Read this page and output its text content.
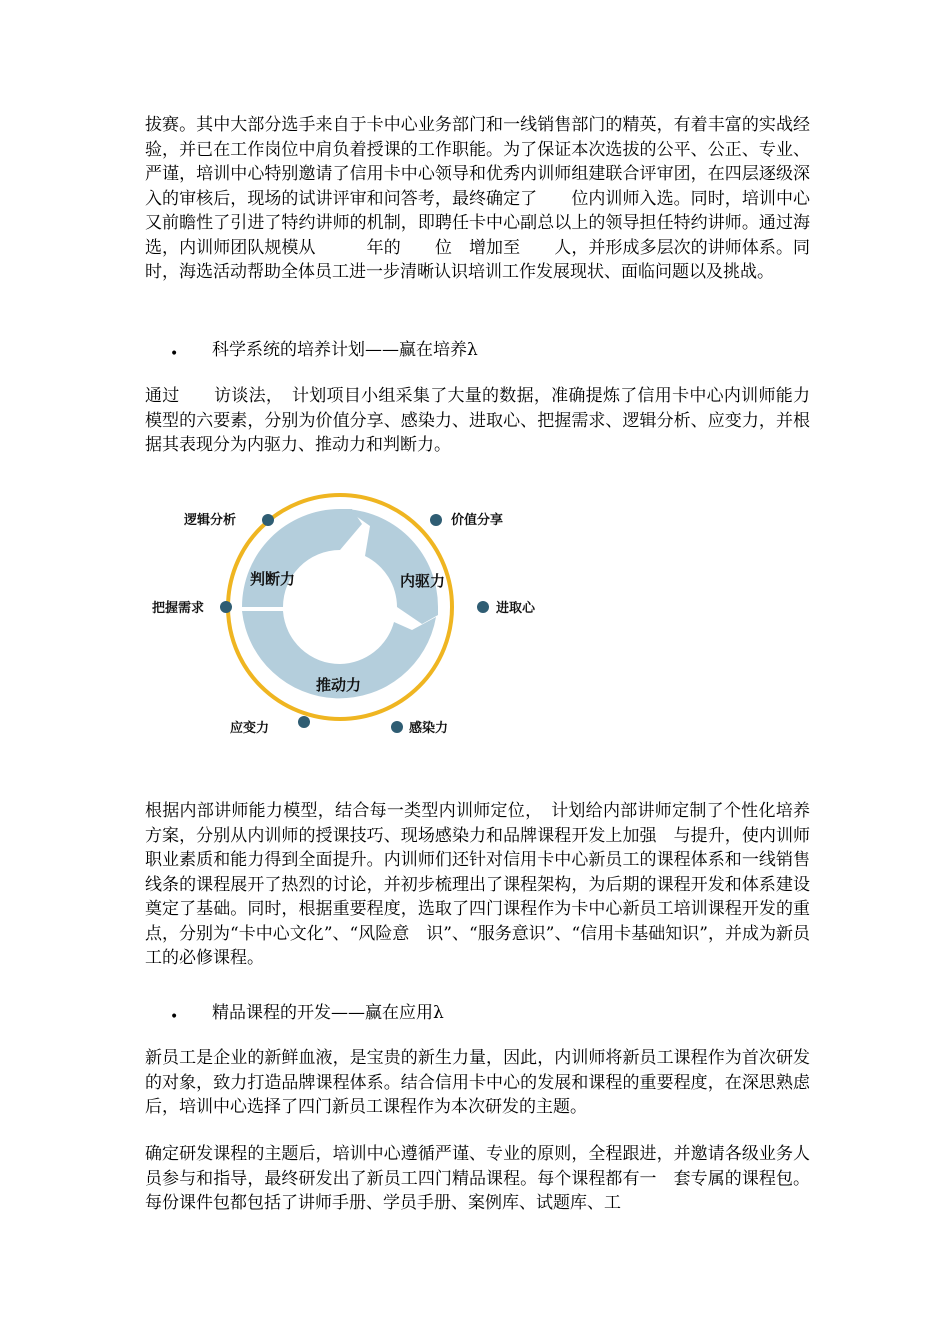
拔赛。其中大部分选手来自于卡中心业务部门和一线销售部门的精英，有着丰富的实战经验，并已在工作岗位中肩负着授课的工作职能。为了保证本次选拔的公平、公正、专业、严谨，培训中心特别邀请了信用卡中心领导和优秀内训师组建联合评审团，在四层逐级深入的审核后，现场的试讲评审和问答考，最终确定了　　位内训师入选。同时，培训中心又前瞻性了引进了特约讲师的机制，即聘任卡中心副总以上的领导担任特约讲师。通过海选，内训师团队规模从　　　年的　　位　增加至　　人，并形成多层次的讲师体系。同时，海选活动帮助全体员工进一步清晰认识培训工作发展现状、面临问题以及挑战。

• 科学系统的培养计划——赢在培养λ

通过　　访谈法，　计划项目小组采集了大量的数据，准确提炼了信用卡中心内训师能力模型的六要素，分别为价值分享、感染力、进取心、把握需求、逻辑分析、应变力，并根据其表现分为内驱力、推动力和判断力。

判断力	内驱力
推动力
逻辑分析	价值分享
进取心
感染力
应变力
把握需求

根据内部讲师能力模型，结合每一类型内训师定位，　计划给内部讲师定制了个性化培养方案，分别从内训师的授课技巧、现场感染力和品牌课程开发上加强　与提升，使内训师职业素质和能力得到全面提升。内训师们还针对信用卡中心新员工的课程体系和一线销售线条的课程展开了热烈的讨论，并初步梳理出了课程架构，为后期的课程开发和体系建设奠定了基础。同时，根据重要程度，选取了四门课程作为卡中心新员工培训课程开发的重点，分别为“卡中心文化”、“风险意　识”、“服务意识”、“信用卡基础知识”，并成为新员工的必修课程。

• 精品课程的开发——赢在应用λ

新员工是企业的新鲜血液，是宝贵的新生力量，因此，内训师将新员工课程作为首次研发的对象，致力打造品牌课程体系。结合信用卡中心的发展和课程的重要程度，在深思熟虑后，培训中心选择了四门新员工课程作为本次研发的主题。

确定研发课程的主题后，培训中心遵循严谨、专业的原则，全程跟进，并邀请各级业务人员参与和指导，最终研发出了新员工四门精品课程。每个课程都有一　套专属的课程包。每份课件包都包括了讲师手册、学员手册、案例库、试题库、工
